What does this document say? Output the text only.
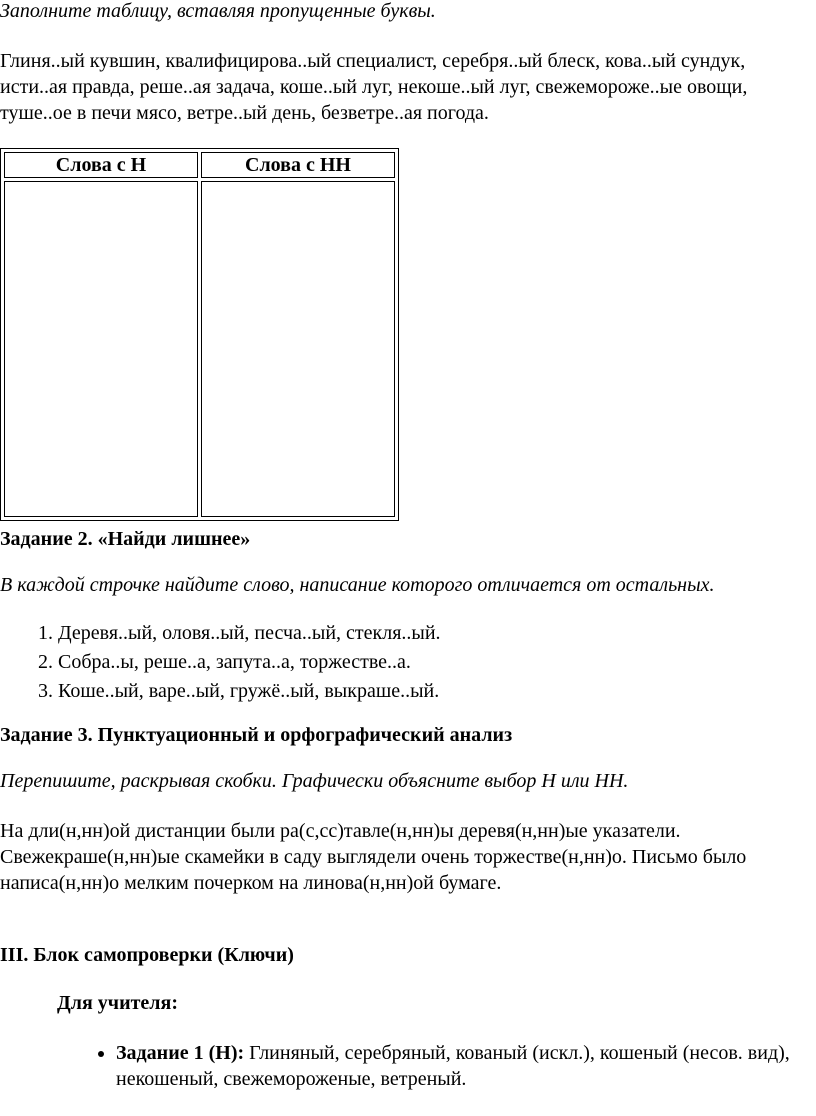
Заполните таблицу, вставляя пропущенные буквы.
Глиня..ый кувшин, квалифицирова..ый специалист, серебря..ый блеск, кова..ый сундук, исти..ая правда, реше..ая задача, коше..ый луг, некоше..ый луг, свежемороже..ые овощи, туше..ое в печи мясо, ветре..ый день, безветре..ая погода.
Слова с Н	Слова с НН

Задание 2. «Найди лишнее»
В каждой строчке найдите слово, написание которого отличается от остальных.
1. Деревя..ый, оловя..ый, песча..ый, стекля..ый.
2. Собра..ы, реше..а, запута..а, торжестве..а.
3. Коше..ый, варе..ый, гружё..ый, выкраше..ый.
Задание 3. Пунктуационный и орфографический анализ
Перепишите, раскрывая скобки. Графически объясните выбор Н или НН.
На дли(н,нн)ой дистанции были ра(с,сс)тавле(н,нн)ы деревя(н,нн)ые указатели. Свежекраше(н,нн)ые скамейки в саду выглядели очень торжестве(н,нн)о. Письмо было написа(н,нн)о мелким почерком на линова(н,нн)ой бумаге.
III. Блок самопроверки (Ключи)
Для учителя:
• Задание 1 (Н): Глиняный, серебряный, кованый (искл.), кошеный (несов. вид), некошеный, свежемороженые, ветреный.
